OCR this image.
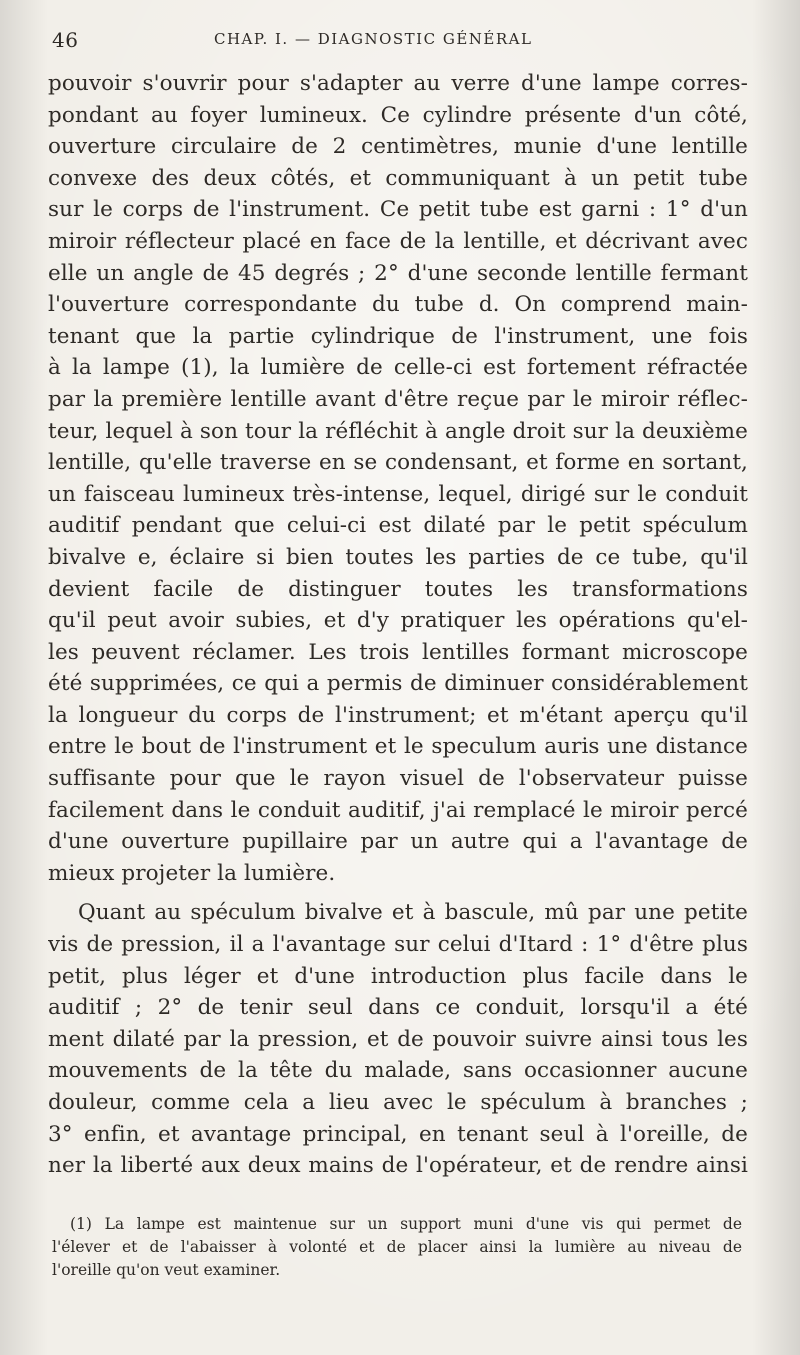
46	CHAP. I. — DIAGNOSTIC GÉNÉRAL
pouvoir s'ouvrir pour s'adapter au verre d'une lampe corres-
pondant au foyer lumineux. Ce cylindre présente d'un côté,
ouverture circulaire de 2 centimètres, munie d'une lentille
convexe des deux côtés, et communiquant à un petit tube
sur le corps de l'instrument. Ce petit tube est garni : 1° d'un
miroir réflecteur placé en face de la lentille, et décrivant avec
elle un angle de 45 degrés ; 2° d'une seconde lentille fermant
l'ouverture correspondante du tube d. On comprend main-
tenant que la partie cylindrique de l'instrument, une fois
à la lampe (1), la lumière de celle-ci est fortement réfractée
par la première lentille avant d'être reçue par le miroir réflec-
teur, lequel à son tour la réfléchit à angle droit sur la deuxième
lentille, qu'elle traverse en se condensant, et forme en sortant,
un faisceau lumineux très-intense, lequel, dirigé sur le conduit
auditif pendant que celui-ci est dilaté par le petit spéculum
bivalve e, éclaire si bien toutes les parties de ce tube, qu'il
devient facile de distinguer toutes les transformations
qu'il peut avoir subies, et d'y pratiquer les opérations qu'el-
les peuvent réclamer. Les trois lentilles formant microscope
été supprimées, ce qui a permis de diminuer considérablement
la longueur du corps de l'instrument; et m'étant aperçu qu'il
entre le bout de l'instrument et le speculum auris une distance
suffisante pour que le rayon visuel de l'observateur puisse
facilement dans le conduit auditif, j'ai remplacé le miroir percé
d'une ouverture pupillaire par un autre qui a l'avantage de
mieux projeter la lumière.
Quant au spéculum bivalve et à bascule, mû par une petite
vis de pression, il a l'avantage sur celui d'Itard : 1° d'être plus
petit, plus léger et d'une introduction plus facile dans le
auditif ; 2° de tenir seul dans ce conduit, lorsqu'il a été
ment dilaté par la pression, et de pouvoir suivre ainsi tous les
mouvements de la tête du malade, sans occasionner aucune
douleur, comme cela a lieu avec le spéculum à branches ;
3° enfin, et avantage principal, en tenant seul à l'oreille, de
ner la liberté aux deux mains de l'opérateur, et de rendre ainsi
(1) La lampe est maintenue sur un support muni d'une vis qui permet de
l'élever et de l'abaisser à volonté et de placer ainsi la lumière au niveau de
l'oreille qu'on veut examiner.
